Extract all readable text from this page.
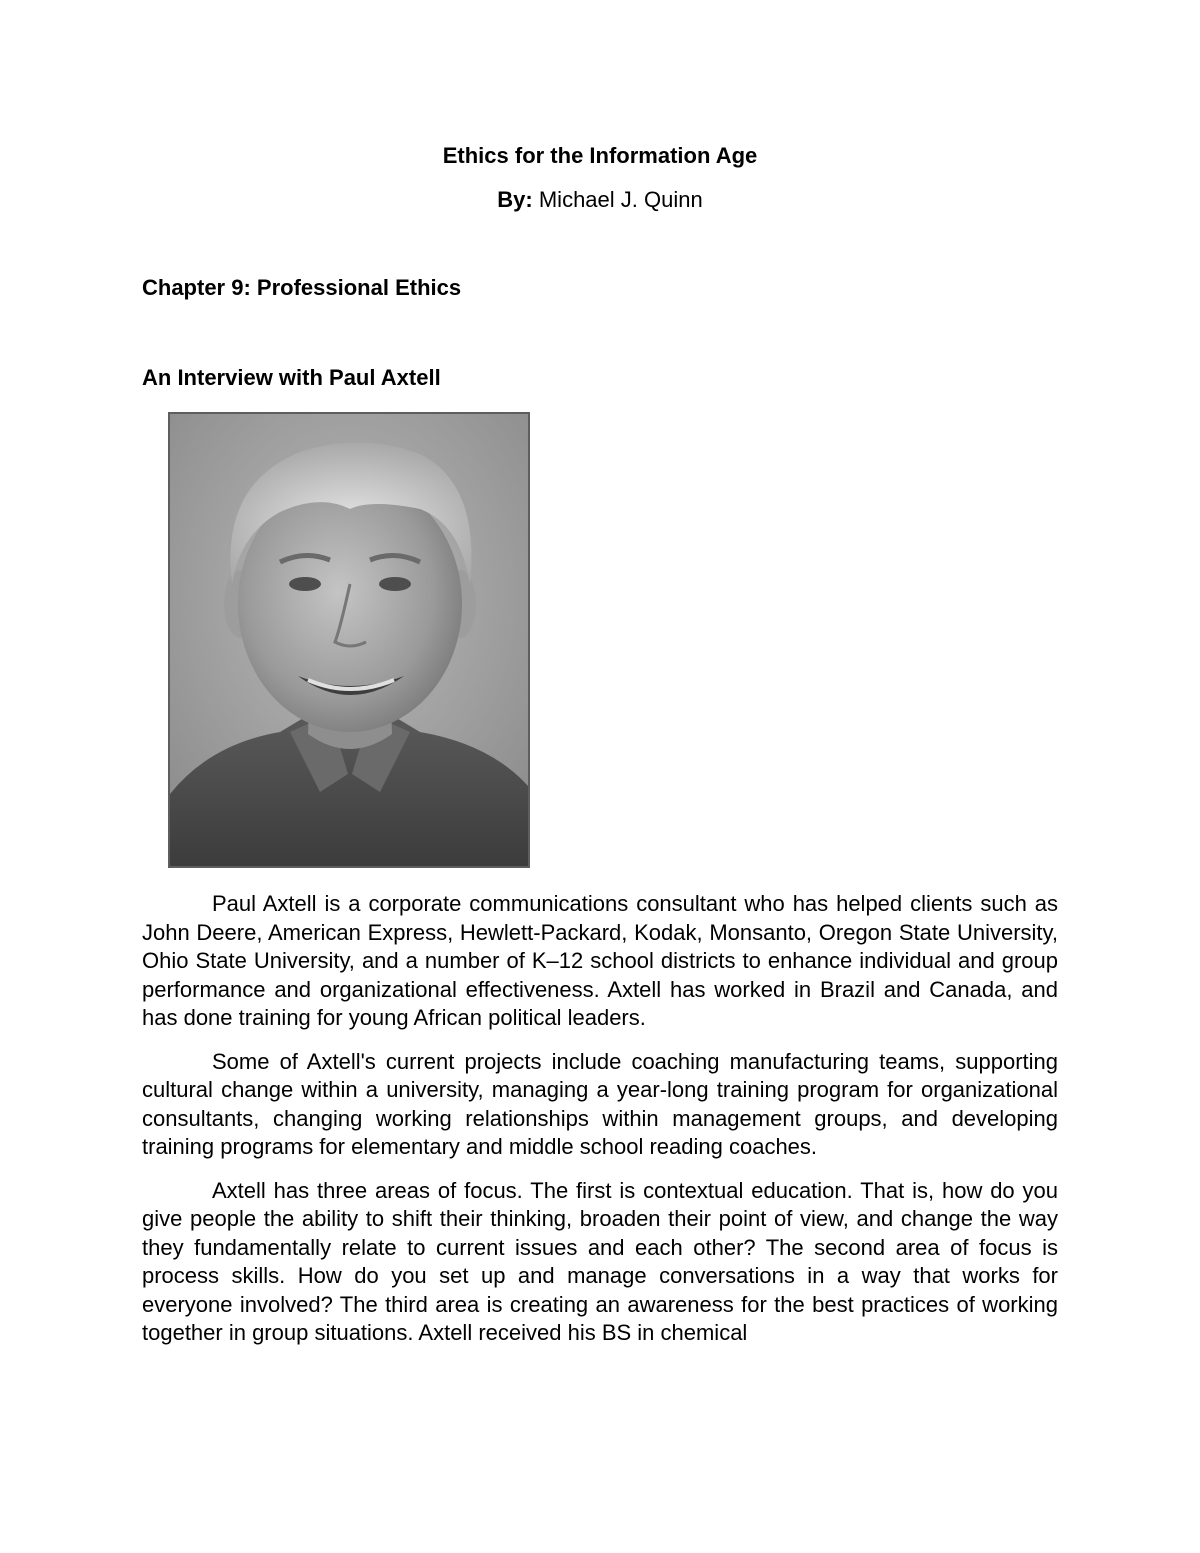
Ethics for the Information Age
By: Michael J. Quinn
Chapter 9: Professional Ethics
An Interview with Paul Axtell

Paul Axtell is a corporate communications consultant who has helped clients such as John Deere, American Express, Hewlett-Packard, Kodak, Monsanto, Oregon State University, Ohio State University, and a number of K–12 school districts to enhance individual and group performance and organizational effectiveness. Axtell has worked in Brazil and Canada, and has done training for young African political leaders.

Some of Axtell's current projects include coaching manufacturing teams, supporting cultural change within a university, managing a year-long training program for organizational consultants, changing working relationships within management groups, and developing training programs for elementary and middle school reading coaches.

Axtell has three areas of focus. The first is contextual education. That is, how do you give people the ability to shift their thinking, broaden their point of view, and change the way they fundamentally relate to current issues and each other? The second area of focus is process skills. How do you set up and manage conversations in a way that works for everyone involved? The third area is creating an awareness for the best practices of working together in group situations. Axtell received his BS in chemical
